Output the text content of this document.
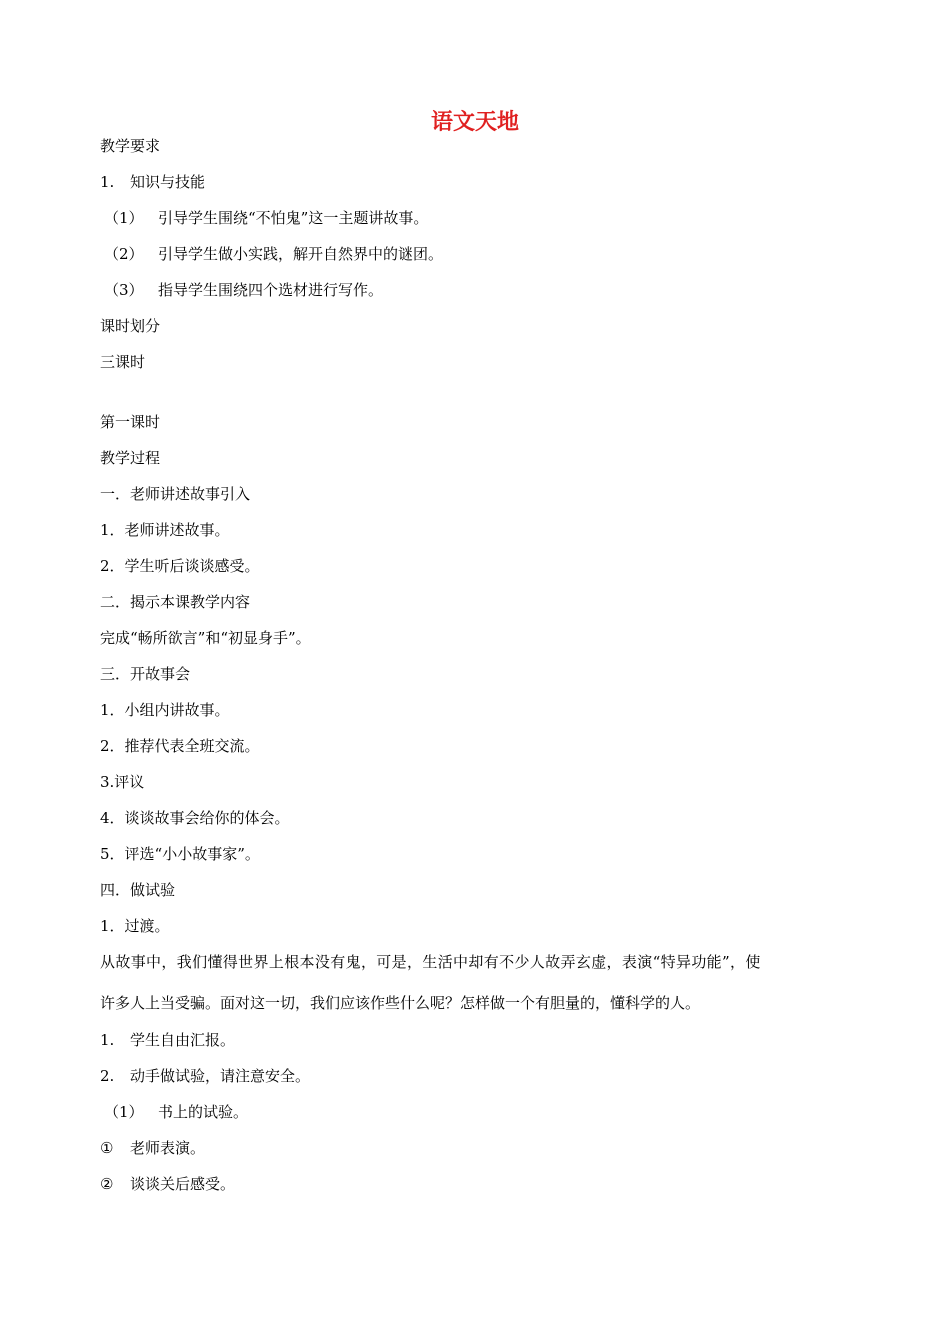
语文天地
教学要求
1. 知识与技能
（1） 引导学生围绕“不怕鬼”这一主题讲故事。
（2） 引导学生做小实践，解开自然界中的谜团。
（3） 指导学生围绕四个选材进行写作。
课时划分
三课时
第一课时
教学过程
一．老师讲述故事引入
1．老师讲述故事。
2．学生听后谈谈感受。
二．揭示本课教学内容
完成“畅所欲言”和“初显身手”。
三．开故事会
1．小组内讲故事。
2．推荐代表全班交流。
3.评议
4．谈谈故事会给你的体会。
5．评选“小小故事家”。
四．做试验
1．过渡。
从故事中，我们懂得世界上根本没有鬼，可是，生活中却有不少人故弄玄虚，表演“特异功能”，使
许多人上当受骗。面对这一切，我们应该作些什么呢？怎样做一个有胆量的，懂科学的人。
1. 学生自由汇报。
2. 动手做试验，请注意安全。
（1） 书上的试验。
① 老师表演。
② 谈谈关后感受。
